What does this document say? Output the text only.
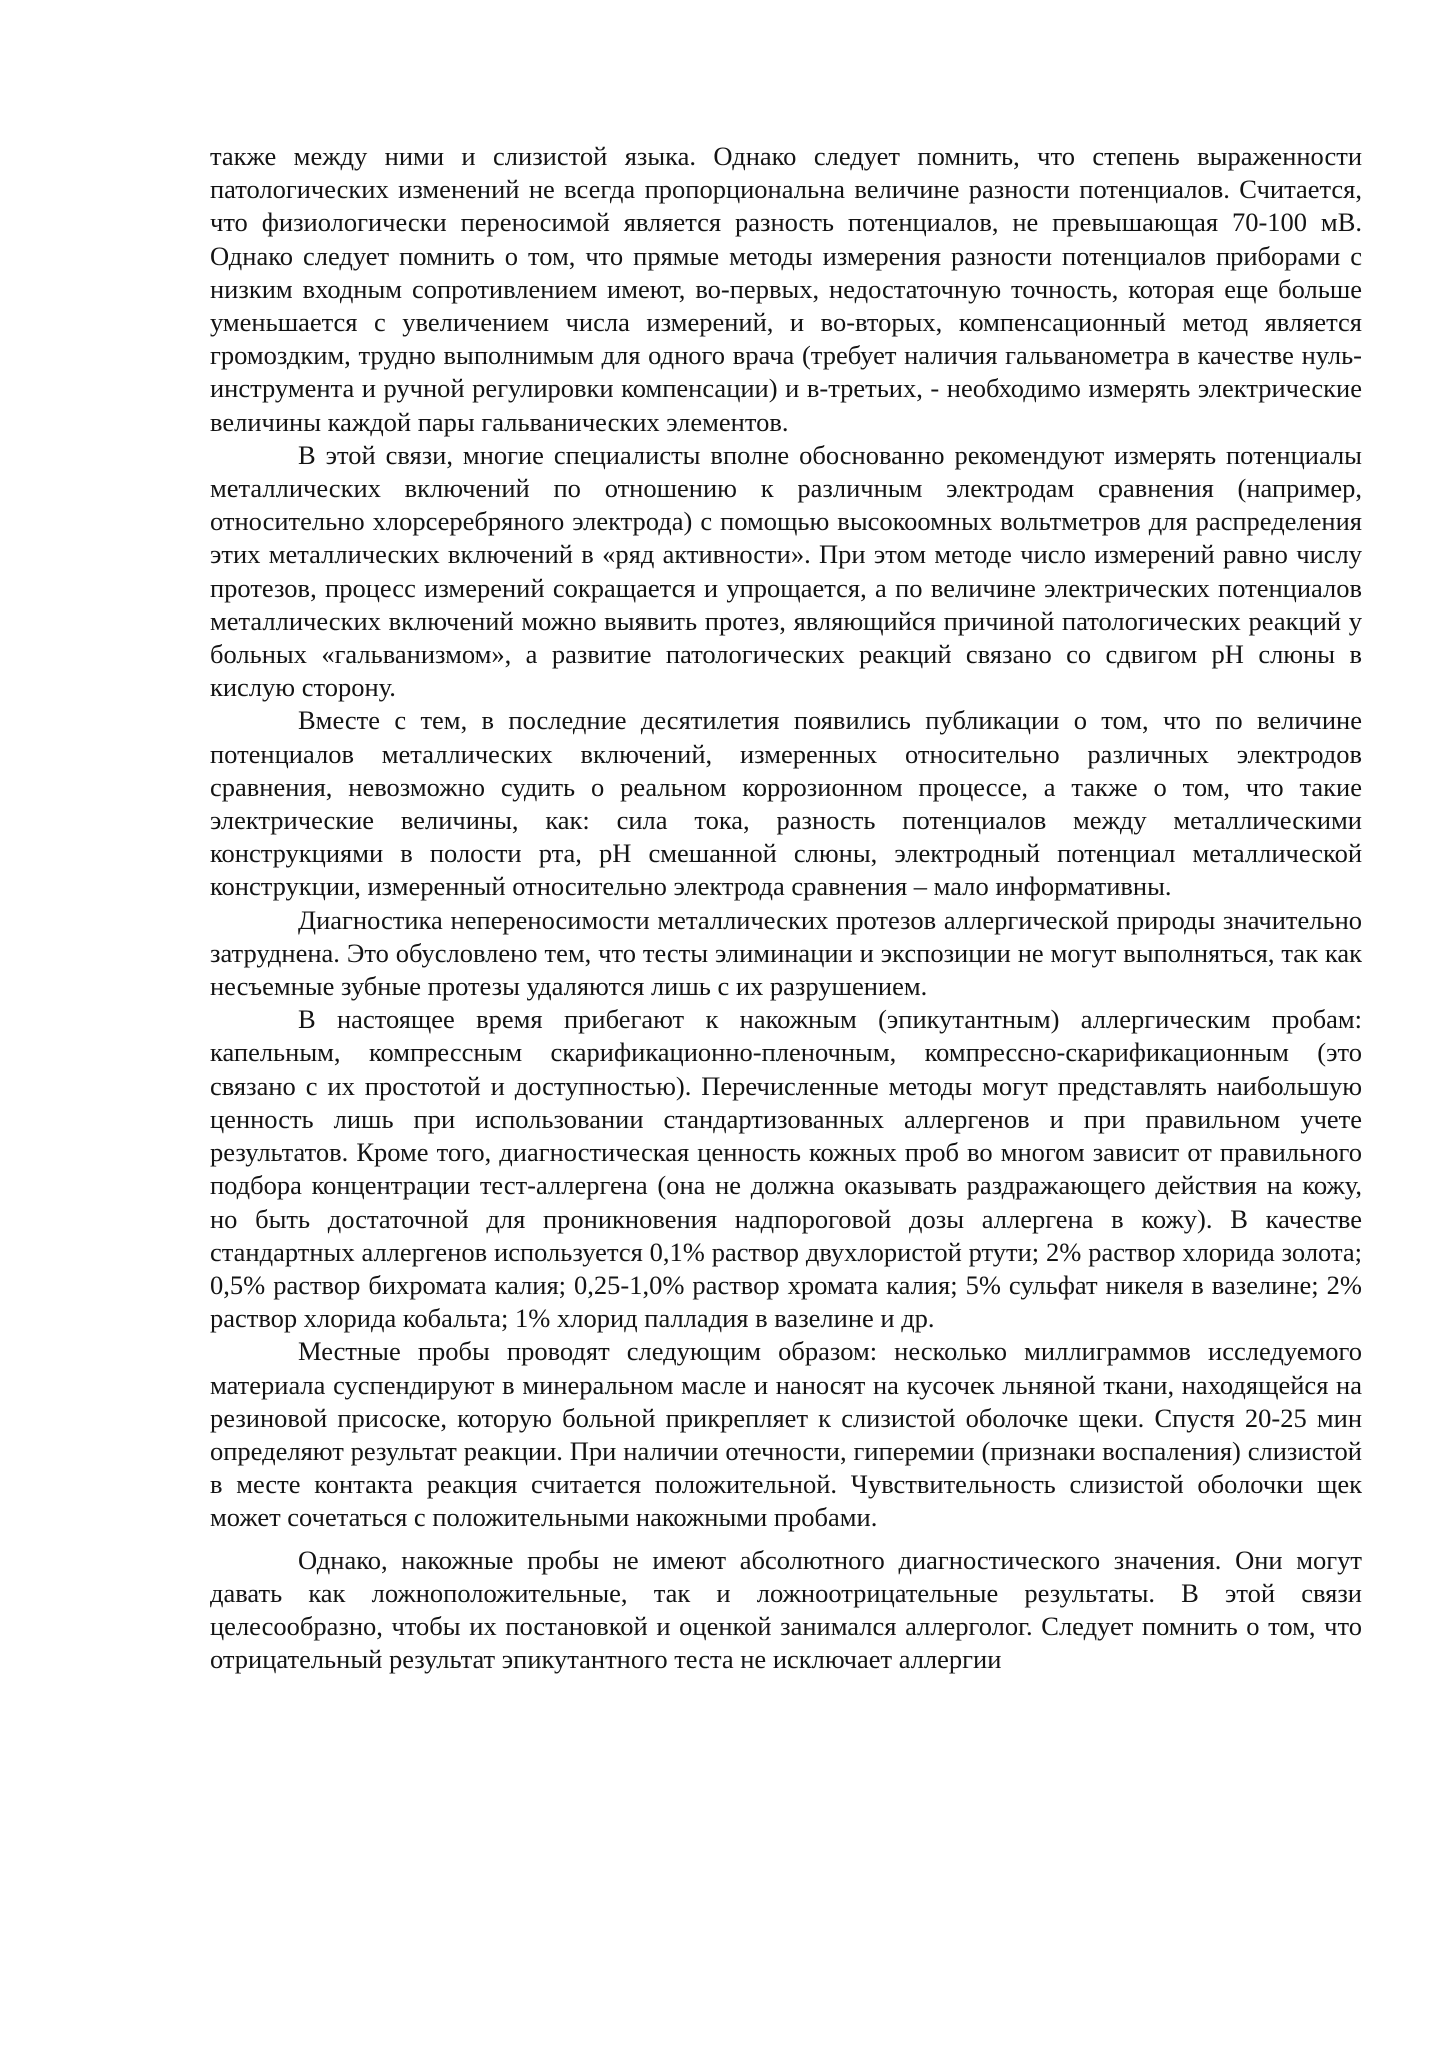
также между ними и слизистой языка. Однако следует помнить, что степень выраженности патологических изменений не всегда пропорциональна величине разности потенциалов. Считается, что физиологически переносимой является разность потенциалов, не превышающая 70-100 мВ. Однако следует помнить о том, что прямые методы измерения разности потенциалов приборами с низким входным сопротивлением имеют, во-первых, недостаточную точность, которая еще больше уменьшается с увеличением числа измерений, и во-вторых, компенсационный метод является громоздким, трудно выполнимым для одного врача (требует наличия гальванометра в качестве нуль-инструмента и ручной регулировки компенсации) и в-третьих, - необходимо измерять электрические величины каждой пары гальванических элементов.

В этой связи, многие специалисты вполне обоснованно рекомендуют измерять потенциалы металлических включений по отношению к различным электродам сравнения (например, относительно хлорсеребряного электрода) с помощью высокоомных вольтметров для распределения этих металлических включений в «ряд активности». При этом методе число измерений равно числу протезов, процесс измерений сокращается и упрощается, а по величине электрических потенциалов металлических включений можно выявить протез, являющийся причиной патологических реакций у больных «гальванизмом», а развитие патологических реакций связано со сдвигом рН слюны в кислую сторону.

Вместе с тем, в последние десятилетия появились публикации о том, что по величине потенциалов металлических включений, измеренных относительно различных электродов сравнения, невозможно судить о реальном коррозионном процессе, а также о том, что такие электрические величины, как: сила тока, разность потенциалов между металлическими конструкциями в полости рта, рН смешанной слюны, электродный потенциал металлической конструкции, измеренный относительно электрода сравнения – мало информативны.

Диагностика непереносимости металлических протезов аллергической природы значительно затруднена. Это обусловлено тем, что тесты элиминации и экспозиции не могут выполняться, так как несъемные зубные протезы удаляются лишь с их разрушением.

В настоящее время прибегают к накожным (эпикутантным) аллергическим пробам: капельным, компрессным скарификационно-пленочным, компрессно-скарификационным (это связано с их простотой и доступностью). Перечисленные методы могут представлять наибольшую ценность лишь при использовании стандартизованных аллергенов и при правильном учете результатов. Кроме того, диагностическая ценность кожных проб во многом зависит от правильного подбора концентрации тест-аллергена (она не должна оказывать раздражающего действия на кожу, но быть достаточной для проникновения надпороговой дозы аллергена в кожу). В качестве стандартных аллергенов используется 0,1% раствор двухлористой ртути; 2% раствор хлорида золота; 0,5% раствор бихромата калия; 0,25-1,0% раствор хромата калия; 5% сульфат никеля в вазелине; 2% раствор хлорида кобальта; 1% хлорид палладия в вазелине и др.

Местные пробы проводят следующим образом: несколько миллиграммов исследуемого материала суспендируют в минеральном масле и наносят на кусочек льняной ткани, находящейся на резиновой присоске, которую больной прикрепляет к слизистой оболочке щеки. Спустя 20-25 мин определяют результат реакции. При наличии отечности, гиперемии (признаки воспаления) слизистой в месте контакта реакция считается положительной. Чувствительность слизистой оболочки щек может сочетаться с положительными накожными пробами.

Однако, накожные пробы не имеют абсолютного диагностического значения. Они могут давать как ложноположительные, так и ложноотрицательные результаты. В этой связи целесообразно, чтобы их постановкой и оценкой занимался аллерголог. Следует помнить о том, что отрицательный результат эпикутантного теста не исключает аллергии
